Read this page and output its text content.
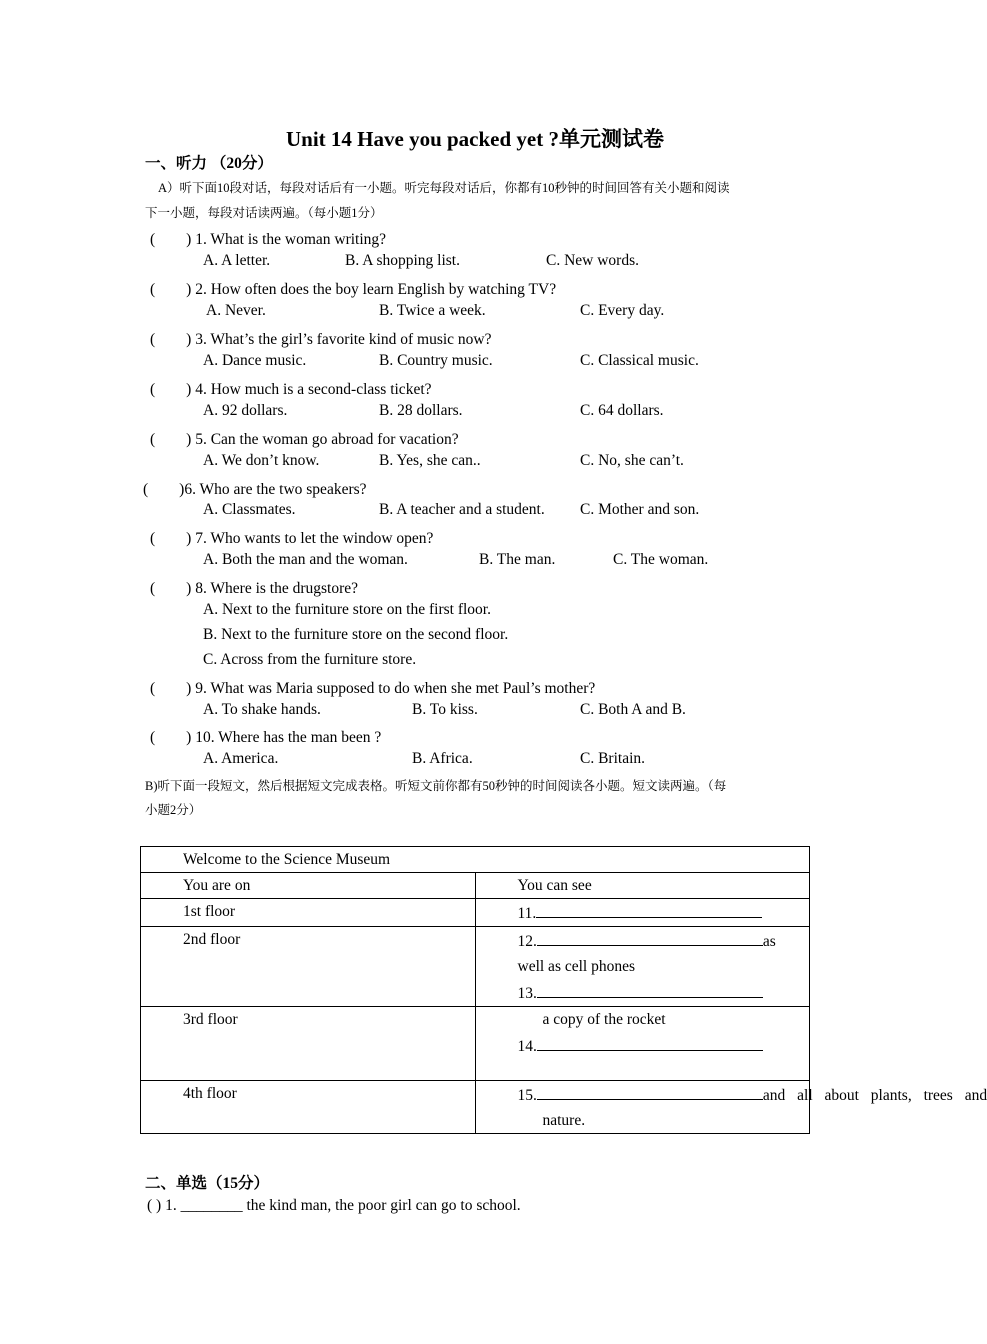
Unit 14 Have you packed yet ?单元测试卷
一、听力 （20分）
A）听下面10段对话，每段对话后有一小题。听完每段对话后，你都有10秒钟的时间回答有关小题和阅读
下一小题，每段对话读两遍。（每小题1分）
(　　) 1. What is the woman writing?
A. A letter.	B. A shopping list.	C. New words.
(　　) 2. How often does the boy learn English by watching TV?
A. Never.	B. Twice a week.	C. Every day.
(　　) 3. What’s the girl’s favorite kind of music now?
A. Dance music.	B. Country music.	C. Classical music.
(　　) 4. How much is a second-class ticket?
A. 92 dollars.	B. 28 dollars.	C. 64 dollars.
(　　) 5. Can the woman go abroad for vacation?
A. We don’t know.	B. Yes, she can..	C. No, she can’t.
(　　)6. Who are the two speakers?
A. Classmates.	B. A teacher and a student. C. Mother and son.
(　　) 7. Who wants to let the window open?
A. Both the man and the woman.	B. The man.	C. The woman.
(　　) 8. Where is the drugstore?
A. Next to the furniture store on the first floor.
B. Next to the furniture store on the second floor.
C. Across from the furniture store.
(　　) 9. What was Maria supposed to do when she met Paul’s mother?
A. To shake hands.	B. To kiss.	C. Both A and B.
(　　) 10. Where has the man been ?
A. America.	B. Africa.	C. Britain.
B)听下面一段短文，然后根据短文完成表格。听短文前你都有50秒钟的时间阅读各小题。短文读两遍。（每
小题2分）
Welcome to the Science Museum	
You are on	You can see
1st floor	11.
2nd floor	12. as well as cell phones
13.

3rd floor	a copy of the rocket
14.

4th floor	15. and all about plants, trees and
nature.
二、单选（15分）
( ) 1. ________ the kind man, the poor girl can go to school.
